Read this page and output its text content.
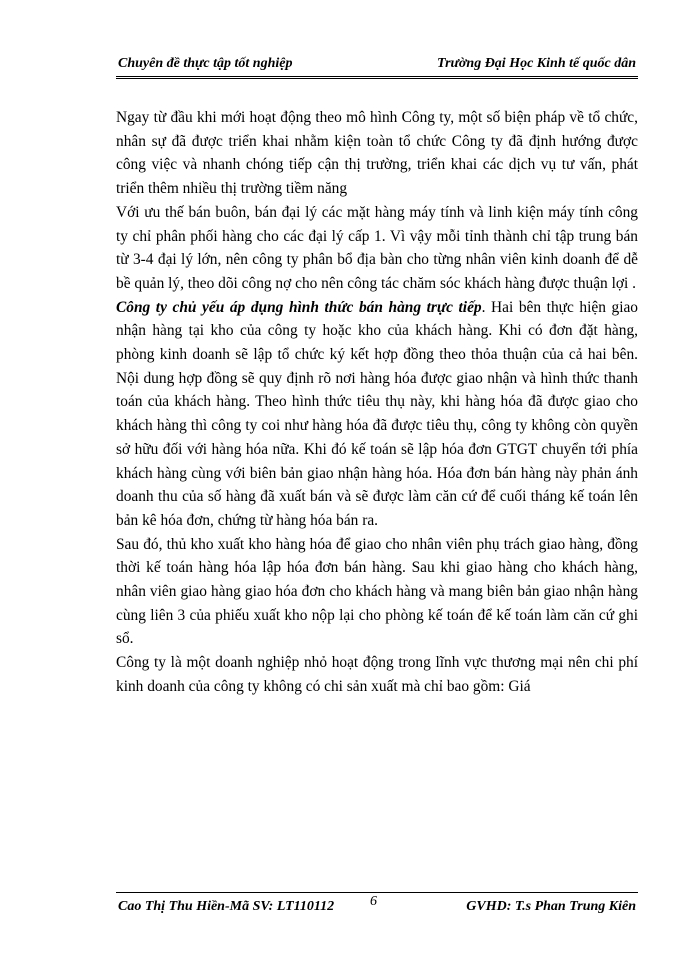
Chuyên đề thực tập tốt nghiệp	Trường Đại Học Kinh tế quốc dân

Ngay từ đầu khi mới hoạt động theo mô hình Công ty, một số biện pháp về tổ chức, nhân sự đã được triển khai nhằm kiện toàn tổ chức Công ty đã định hướng được công việc và nhanh chóng tiếp cận thị trường, triển khai các dịch vụ tư vấn, phát triển thêm nhiều thị trường tiềm năng

Với ưu thế bán buôn, bán đại lý các mặt hàng máy tính và linh kiện máy tính công ty chỉ phân phối hàng cho các đại lý cấp 1. Vì vậy mỗi tỉnh thành chỉ tập trung bán từ 3-4 đại lý lớn, nên công ty phân bổ địa bàn cho từng nhân viên kinh doanh để dễ bề quản lý, theo dõi công nợ cho nên công tác chăm sóc khách hàng được thuận lợi .

Công ty chủ yếu áp dụng hình thức bán hàng trực tiếp. Hai bên thực hiện giao nhận hàng tại kho của công ty hoặc kho của khách hàng. Khi có đơn đặt hàng, phòng kinh doanh sẽ lập tổ chức ký kết hợp đồng theo thỏa thuận của cả hai bên. Nội dung hợp đồng sẽ quy định rõ nơi hàng hóa được giao nhận và hình thức thanh toán của khách hàng. Theo hình thức tiêu thụ này, khi hàng hóa đã được giao cho khách hàng thì công ty coi như hàng hóa đã được tiêu thụ, công ty không còn quyền sở hữu đối với hàng hóa nữa. Khi đó kế toán sẽ lập hóa đơn GTGT chuyển tới phía khách hàng cùng với biên bản giao nhận hàng hóa. Hóa đơn bán hàng này phản ánh doanh thu của số hàng đã xuất bán và sẽ được làm căn cứ để cuối tháng kế toán lên bản kê hóa đơn, chứng từ hàng hóa bán ra.

Sau đó, thủ kho xuất kho hàng hóa để giao cho nhân viên phụ trách giao hàng, đồng thời kế toán hàng hóa lập hóa đơn bán hàng. Sau khi giao hàng cho khách hàng, nhân viên giao hàng giao hóa đơn cho khách hàng và mang biên bản giao nhận hàng cùng liên 3 của phiếu xuất kho nộp lại cho phòng kế toán để kế toán làm căn cứ ghi sổ.

Công ty là một doanh nghiệp nhỏ hoạt động trong lĩnh vực thương mại nên chi phí kinh doanh của công ty không có chi sản xuất mà chỉ bao gồm: Giá

Cao Thị Thu Hiền-Mã SV: LT110112	6	GVHD: T.s Phan Trung Kiên
